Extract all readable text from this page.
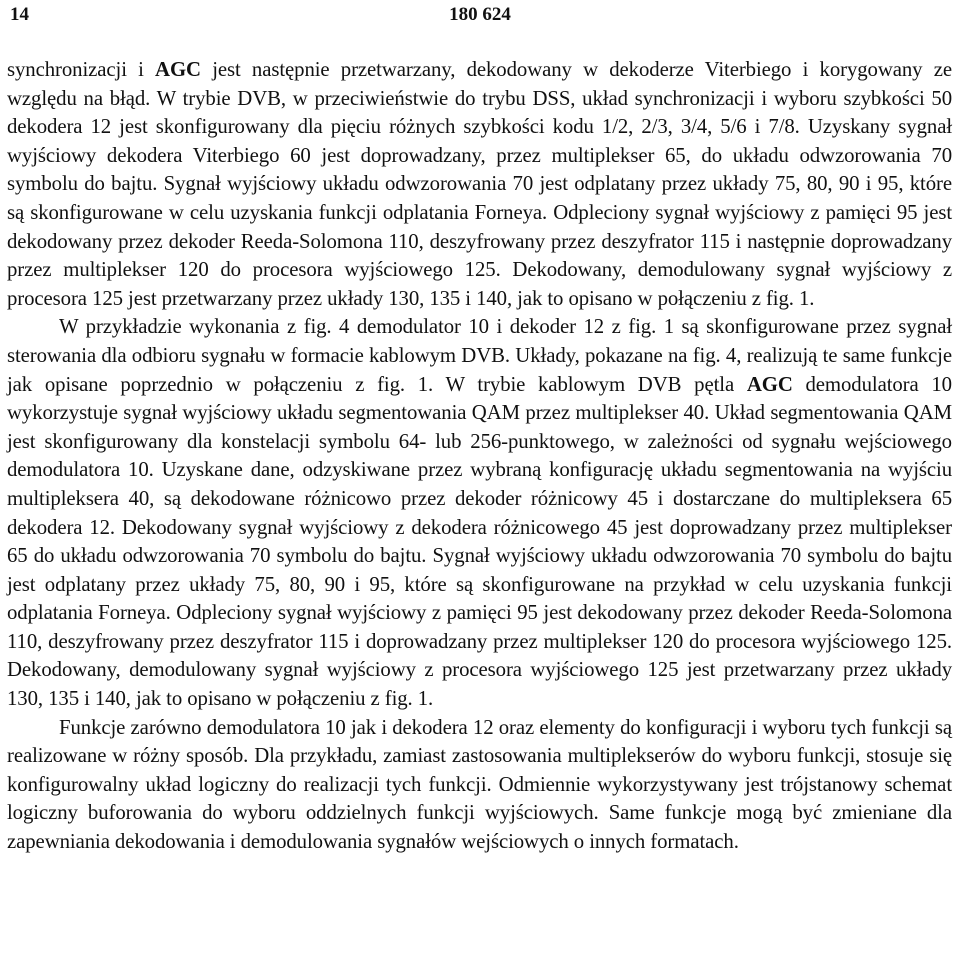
14	180 624

synchronizacji i AGC jest następnie przetwarzany, dekodowany w dekoderze Viterbiego i korygowany ze względu na błąd. W trybie DVB, w przeciwieństwie do trybu DSS, układ synchronizacji i wyboru szybkości 50 dekodera 12 jest skonfigurowany dla pięciu różnych szybkości kodu 1/2, 2/3, 3/4, 5/6 i 7/8. Uzyskany sygnał wyjściowy dekodera Viterbiego 60 jest doprowadzany, przez multiplekser 65, do układu odwzorowania 70 symbolu do bajtu. Sygnał wyjściowy układu odwzorowania 70 jest odplatany przez układy 75, 80, 90 i 95, które są skonfigurowane w celu uzyskania funkcji odplatania Forneya. Odpleciony sygnał wyjściowy z pamięci 95 jest dekodowany przez dekoder Reeda-Solomona 110, deszyfrowany przez deszyfrator 115 i następnie doprowadzany przez multiplekser 120 do procesora wyjściowego 125. Dekodowany, demodulowany sygnał wyjściowy z procesora 125 jest przetwarzany przez układy 130, 135 i 140, jak to opisano w połączeniu z fig. 1.

W przykładzie wykonania z fig. 4 demodulator 10 i dekoder 12 z fig. 1 są skonfigurowane przez sygnał sterowania dla odbioru sygnału w formacie kablowym DVB. Układy, pokazane na fig. 4, realizują te same funkcje jak opisane poprzednio w połączeniu z fig. 1. W trybie kablowym DVB pętla AGC demodulatora 10 wykorzystuje sygnał wyjściowy układu segmentowania QAM przez multiplekser 40. Układ segmentowania QAM jest skonfigurowany dla konstelacji symbolu 64- lub 256-punktowego, w zależności od sygnału wejściowego demodulatora 10. Uzyskane dane, odzyskiwane przez wybraną konfigurację układu segmentowania na wyjściu multipleksera 40, są dekodowane różnicowo przez dekoder różnicowy 45 i dostarczane do multipleksera 65 dekodera 12. Dekodowany sygnał wyjściowy z dekodera różnicowego 45 jest doprowadzany przez multiplekser 65 do układu odwzorowania 70 symbolu do bajtu. Sygnał wyjściowy układu odwzorowania 70 symbolu do bajtu jest odplatany przez układy 75, 80, 90 i 95, które są skonfigurowane na przykład w celu uzyskania funkcji odplatania Forneya. Odpleciony sygnał wyjściowy z pamięci 95 jest dekodowany przez dekoder Reeda-Solomona 110, deszyfrowany przez deszyfrator 115 i doprowadzany przez multiplekser 120 do procesora wyjściowego 125. Dekodowany, demodulowany sygnał wyjściowy z procesora wyjściowego 125 jest przetwarzany przez układy 130, 135 i 140, jak to opisano w połączeniu z fig. 1.

Funkcje zarówno demodulatora 10 jak i dekodera 12 oraz elementy do konfiguracji i wyboru tych funkcji są realizowane w różny sposób. Dla przykładu, zamiast zastosowania multiplekserów do wyboru funkcji, stosuje się konfigurowalny układ logiczny do realizacji tych funkcji. Odmiennie wykorzystywany jest trójstanowy schemat logiczny buforowania do wyboru oddzielnych funkcji wyjściowych. Same funkcje mogą być zmieniane dla zapewniania dekodowania i demodulowania sygnałów wejściowych o innych formatach.
